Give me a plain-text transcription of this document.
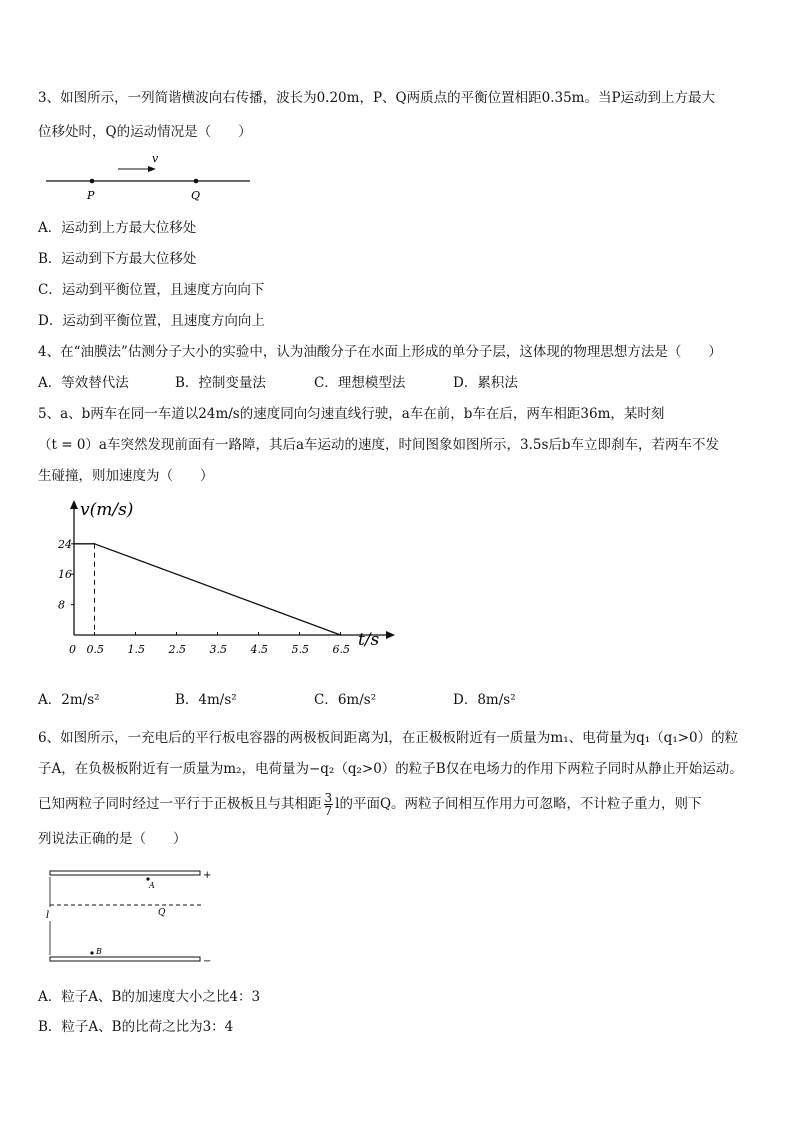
3、如图所示，一列简谐横波向右传播，波长为0.20m，P、Q两质点的平衡位置相距0.35m。当P运动到上方最大
位移处时，Q的运动情况是（　　）
v
P	Q
A．运动到上方最大位移处
B．运动到下方最大位移处
C．运动到平衡位置，且速度方向向下
D．运动到平衡位置，且速度方向向上
4、在“油膜法”估测分子大小的实验中，认为油酸分子在水面上形成的单分子层，这体现的物理思想方法是（　　）
A．等效替代法	B．控制变量法	C．理想模型法	D．累积法
5、a、b两车在同一车道以24m/s的速度同向匀速直线行驶，a车在前，b车在后，两车相距36m，某时刻
（t = 0）a车突然发现前面有一路障，其后a车运动的速度，时间图象如图所示，3.5s后b车立即刹车，若两车不发
生碰撞，则加速度为（　　）
v(m/s)
t/s
24
16
8
0 0.5 1.5 2.5 3.5 4.5 5.5 6.5
A．2m/s²	B．4m/s²	C．6m/s²	D．8m/s²
6、如图所示，一充电后的平行板电容器的两极板间距离为l，在正极板附近有一质量为m₁、电荷量为q₁（q₁>0）的粒
子A，在负极板附近有一质量为m₂，电荷量为−q₂（q₂>0）的粒子B仅在电场力的作用下两粒子同时从静止开始运动。
已知两粒子同时经过一平行于正极板且与其相距 $\frac{3}{7}$ l的平面Q。两粒子间相互作用力可忽略，不计粒子重力，则下
列说法正确的是（　　）
+
−
Q
l
A
B
A．粒子A、B的加速度大小之比4：3
B．粒子A、B的比荷之比为3：4
